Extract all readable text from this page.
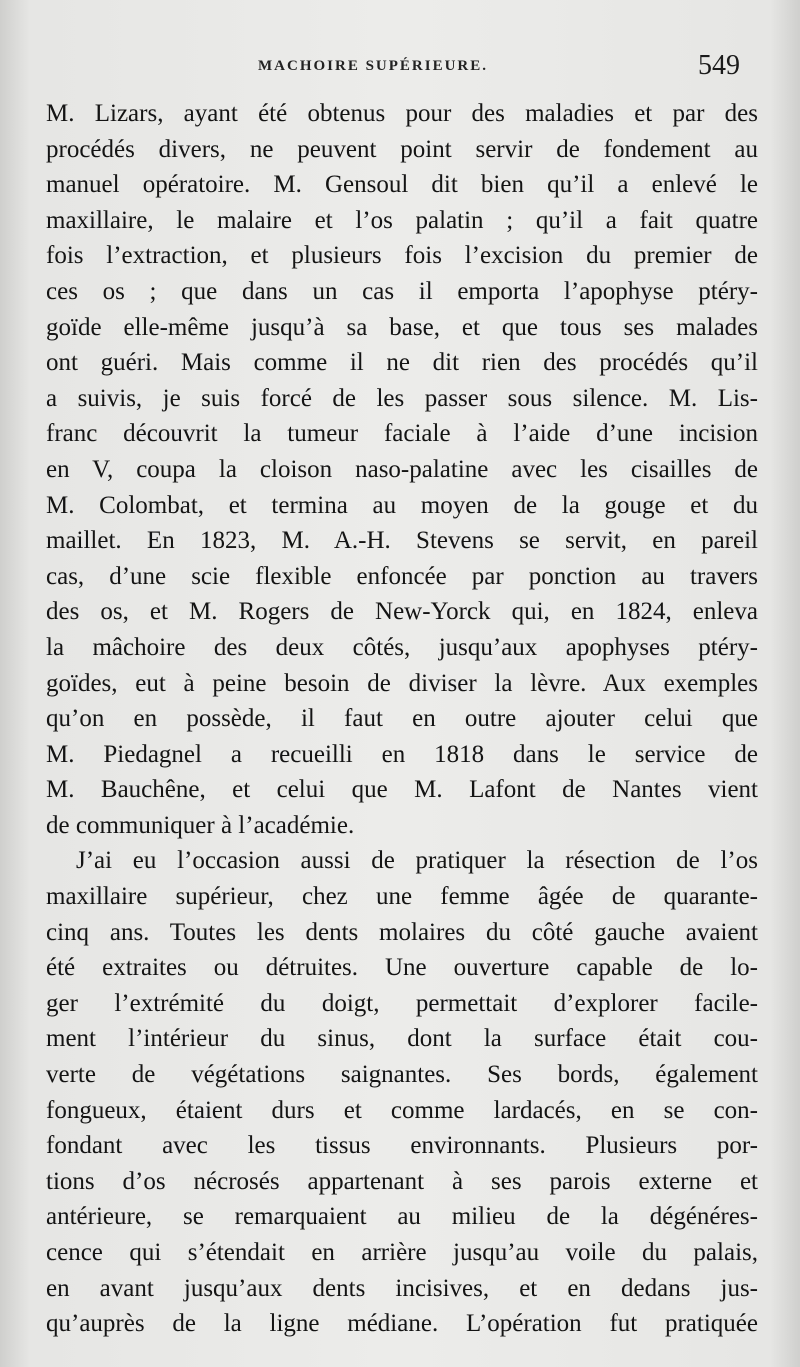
MACHOIRE SUPÉRIEURE.	549
M. Lizars, ayant été obtenus pour des maladies et par des
procédés divers, ne peuvent point servir de fondement au
manuel opératoire. M. Gensoul dit bien qu’il a enlevé le
maxillaire, le malaire et l’os palatin ; qu’il a fait quatre
fois l’extraction, et plusieurs fois l’excision du premier de
ces os ; que dans un cas il emporta l’apophyse ptéry-
goïde elle-même jusqu’à sa base, et que tous ses malades
ont guéri. Mais comme il ne dit rien des procédés qu’il
a suivis, je suis forcé de les passer sous silence. M. Lis-
franc découvrit la tumeur faciale à l’aide d’une incision
en V, coupa la cloison naso-palatine avec les cisailles de
M. Colombat, et termina au moyen de la gouge et du
maillet. En 1823, M. A.-H. Stevens se servit, en pareil
cas, d’une scie flexible enfoncée par ponction au travers
des os, et M. Rogers de New-Yorck qui, en 1824, enleva
la mâchoire des deux côtés, jusqu’aux apophyses ptéry-
goïdes, eut à peine besoin de diviser la lèvre. Aux exemples
qu’on en possède, il faut en outre ajouter celui que
M. Piedagnel a recueilli en 1818 dans le service de
M. Bauchêne, et celui que M. Lafont de Nantes vient
de communiquer à l’académie.
J’ai eu l’occasion aussi de pratiquer la résection de l’os
maxillaire supérieur, chez une femme âgée de quarante-
cinq ans. Toutes les dents molaires du côté gauche avaient
été extraites ou détruites. Une ouverture capable de lo-
ger l’extrémité du doigt, permettait d’explorer facile-
ment l’intérieur du sinus, dont la surface était cou-
verte de végétations saignantes. Ses bords, également
fongueux, étaient durs et comme lardacés, en se con-
fondant avec les tissus environnants. Plusieurs por-
tions d’os nécrosés appartenant à ses parois externe et
antérieure, se remarquaient au milieu de la dégénéres-
cence qui s’étendait en arrière jusqu’au voile du palais,
en avant jusqu’aux dents incisives, et en dedans jus-
qu’auprès de la ligne médiane. L’opération fut pratiquée
